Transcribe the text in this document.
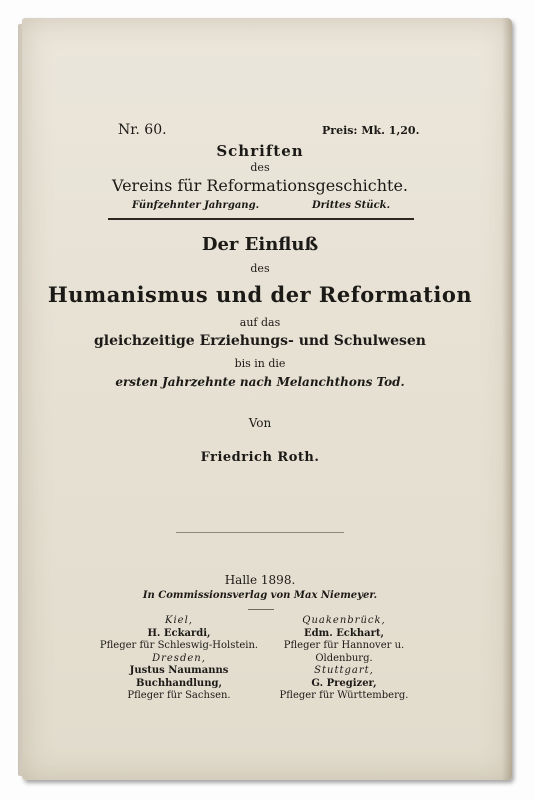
Nr. 60.	Preis: Mk. 1,20.
Schriften
des
Vereins für Reformationsgeschichte.
Fünfzehnter Jahrgang.	Drittes Stück.
Der Einfluß
des
Humanismus und der Reformation
auf das
gleichzeitige Erziehungs- und Schulwesen
bis in die
ersten Jahrzehnte nach Melanchthons Tod.
Von
Friedrich Roth.
Halle 1898.
In Commissionsverlag von Max Niemeyer.
Kiel,
H. Eckardi,
Pfleger für Schleswig-Holstein.
Dresden,
Justus Naumanns Buchhandlung,
Pfleger für Sachsen.
Quakenbrück,
Edm. Eckhart,
Pfleger für Hannover u. Oldenburg.
Stuttgart,
G. Pregizer,
Pfleger für Württemberg.
